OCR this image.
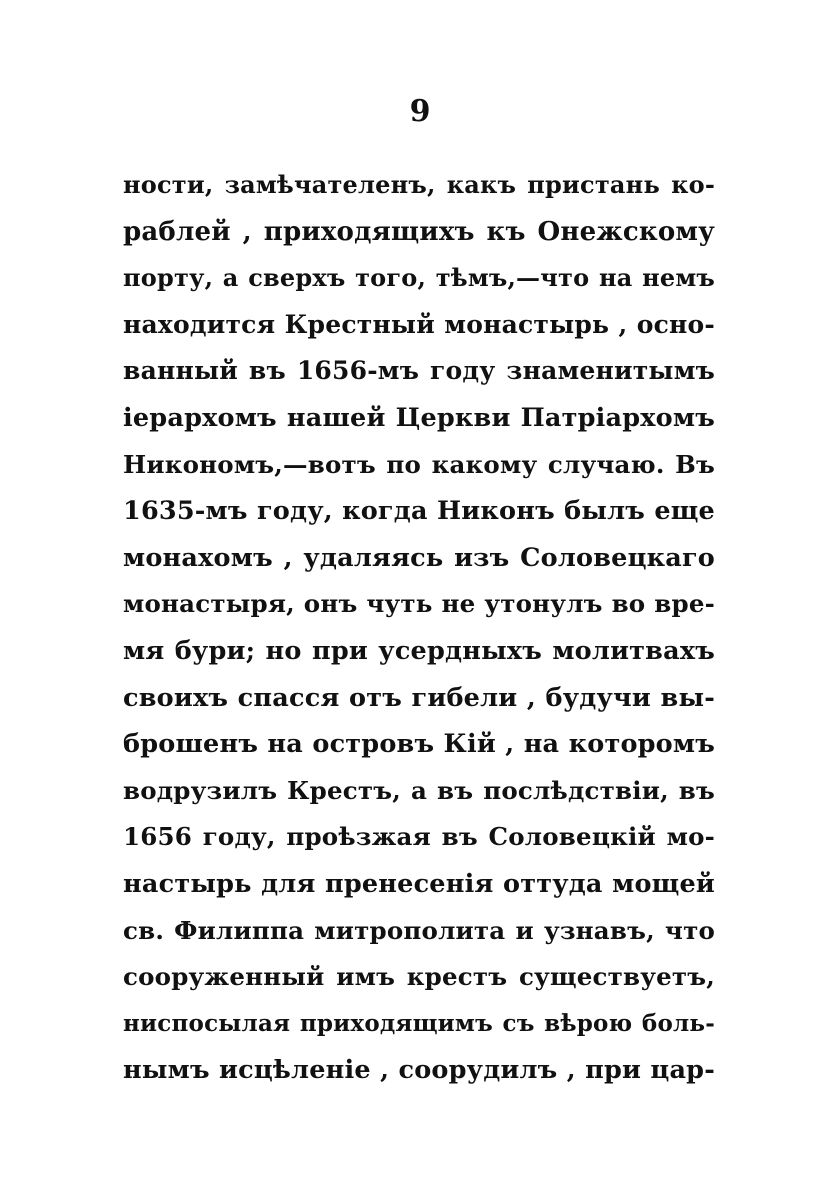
9
ности, замѣчателенъ, какъ пристань ко-
раблей , приходящихъ къ Онежскому
порту, а сверхъ того, тѣмъ,—что на немъ
находится Крестный монастырь , осно-
ванный въ 1656-мъ году знаменитымъ
іерархомъ нашей Церкви Патріархомъ
Никономъ,—вотъ по какому случаю. Въ
1635-мъ году, когда Никонъ былъ еще
монахомъ , удаляясь изъ Соловецкаго
монастыря, онъ чуть не утонулъ во вре-
мя бури; но при усердныхъ молитвахъ
своихъ спасся отъ гибели , будучи вы-
брошенъ на островъ Кій , на которомъ
водрузилъ Крестъ, а въ послѣдствіи, въ
1656 году, проѣзжая въ Соловецкій мо-
настырь для пренесенія оттуда мощей
св. Филиппа митрополита и узнавъ, что
сооруженный имъ крестъ существуетъ,
ниспосылая приходящимъ съ вѣрою боль-
нымъ исцѣленіе , соорудилъ , при цар-
